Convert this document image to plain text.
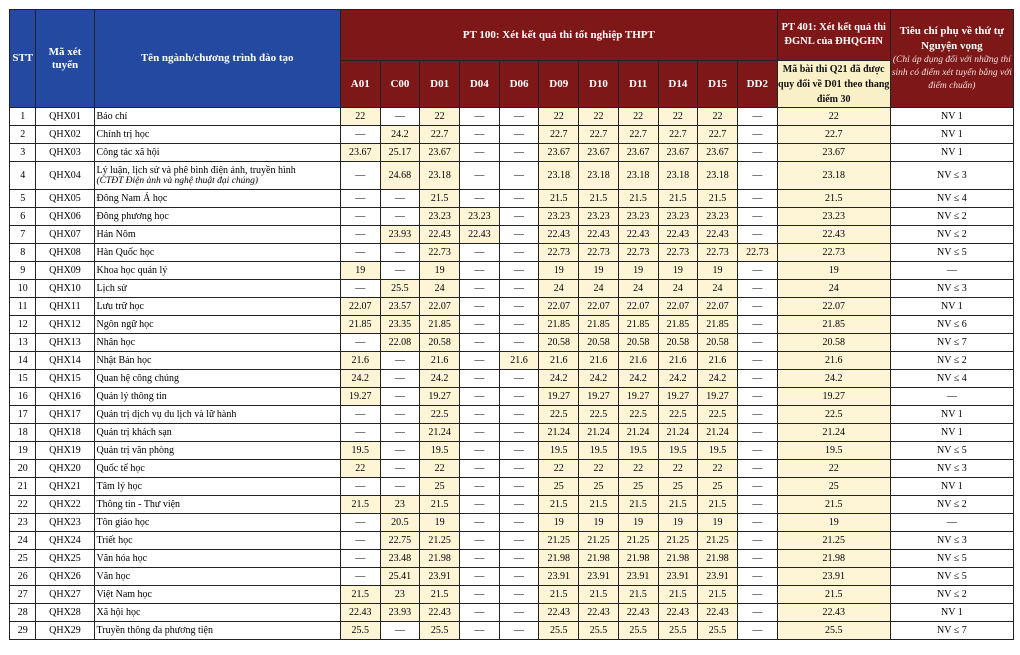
STT	Mã xét tuyển	Tên ngành/chương trình đào tạo	PT 100: Xét kết quả thi tốt nghiệp THPT											PT 401: Xét kết quả thi ĐGNL của ĐHQGHN	Tiêu chí phụ về thứ tự Nguyện vọng
(Chỉ áp dụng đối với những thí sinh có điểm xét tuyển bằng với điểm chuẩn)

			A01	C00	D01	D04	D06	D09	D10	D11	D14	D15	DD2	Mã bài thi Q21 đã được quy đổi về D01 theo thang điểm 30	
1	QHX01	Báo chí	22	—	22	—	—	22	22	22	22	22	—	22	NV 1
2	QHX02	Chính trị học	—	24.2	22.7	—	—	22.7	22.7	22.7	22.7	22.7	—	22.7	NV 1
3	QHX03	Công tác xã hội	23.67	25.17	23.67	—	—	23.67	23.67	23.67	23.67	23.67	—	23.67	NV 1
4	QHX04	Lý luận, lịch sử và phê bình điện ảnh, truyền hình
(CTĐT Điện ảnh và nghệ thuật đại chúng)	—	24.68	23.18	—	—	23.18	23.18	23.18	23.18	23.18	—	23.18	NV ≤ 3
5	QHX05	Đông Nam Á học	—	—	21.5	—	—	21.5	21.5	21.5	21.5	21.5	—	21.5	NV ≤ 4
6	QHX06	Đông phương học	—	—	23.23	23.23	—	23.23	23.23	23.23	23.23	23.23	—	23.23	NV ≤ 2
7	QHX07	Hán Nôm	—	23.93	22.43	22.43	—	22.43	22.43	22.43	22.43	22.43	—	22.43	NV ≤ 2
8	QHX08	Hàn Quốc học	—	—	22.73	—	—	22.73	22.73	22.73	22.73	22.73	22.73	22.73	NV ≤ 5
9	QHX09	Khoa học quản lý	19	—	19	—	—	19	19	19	19	19	—	19	—
10	QHX10	Lịch sử	—	25.5	24	—	—	24	24	24	24	24	—	24	NV ≤ 3
11	QHX11	Lưu trữ học	22.07	23.57	22.07	—	—	22.07	22.07	22.07	22.07	22.07	—	22.07	NV 1
12	QHX12	Ngôn ngữ học	21.85	23.35	21.85	—	—	21.85	21.85	21.85	21.85	21.85	—	21.85	NV ≤ 6
13	QHX13	Nhân học	—	22.08	20.58	—	—	20.58	20.58	20.58	20.58	20.58	—	20.58	NV ≤ 7
14	QHX14	Nhật Bản học	21.6	—	21.6	—	21.6	21.6	21.6	21.6	21.6	21.6	—	21.6	NV ≤ 2
15	QHX15	Quan hệ công chúng	24.2	—	24.2	—	—	24.2	24.2	24.2	24.2	24.2	—	24.2	NV ≤ 4
16	QHX16	Quản lý thông tin	19.27	—	19.27	—	—	19.27	19.27	19.27	19.27	19.27	—	19.27	—
17	QHX17	Quản trị dịch vụ du lịch và lữ hành	—	—	22.5	—	—	22.5	22.5	22.5	22.5	22.5	—	22.5	NV 1
18	QHX18	Quản trị khách sạn	—	—	21.24	—	—	21.24	21.24	21.24	21.24	21.24	—	21.24	NV 1
19	QHX19	Quản trị văn phòng	19.5	—	19.5	—	—	19.5	19.5	19.5	19.5	19.5	—	19.5	NV ≤ 5
20	QHX20	Quốc tế học	22	—	22	—	—	22	22	22	22	22	—	22	NV ≤ 3
21	QHX21	Tâm lý học	—	—	25	—	—	25	25	25	25	25	—	25	NV 1
22	QHX22	Thông tin - Thư viện	21.5	23	21.5	—	—	21.5	21.5	21.5	21.5	21.5	—	21.5	NV ≤ 2
23	QHX23	Tôn giáo học	—	20.5	19	—	—	19	19	19	19	19	—	19	—
24	QHX24	Triết học	—	22.75	21.25	—	—	21.25	21.25	21.25	21.25	21.25	—	21.25	NV ≤ 3
25	QHX25	Văn hóa học	—	23.48	21.98	—	—	21.98	21.98	21.98	21.98	21.98	—	21.98	NV ≤ 5
26	QHX26	Văn học	—	25.41	23.91	—	—	23.91	23.91	23.91	23.91	23.91	—	23.91	NV ≤ 5
27	QHX27	Việt Nam học	21.5	23	21.5	—	—	21.5	21.5	21.5	21.5	21.5	—	21.5	NV ≤ 2
28	QHX28	Xã hội học	22.43	23.93	22.43	—	—	22.43	22.43	22.43	22.43	22.43	—	22.43	NV 1
29	QHX29	Truyền thông đa phương tiện	25.5	—	25.5	—	—	25.5	25.5	25.5	25.5	25.5	—	25.5	NV ≤ 7
